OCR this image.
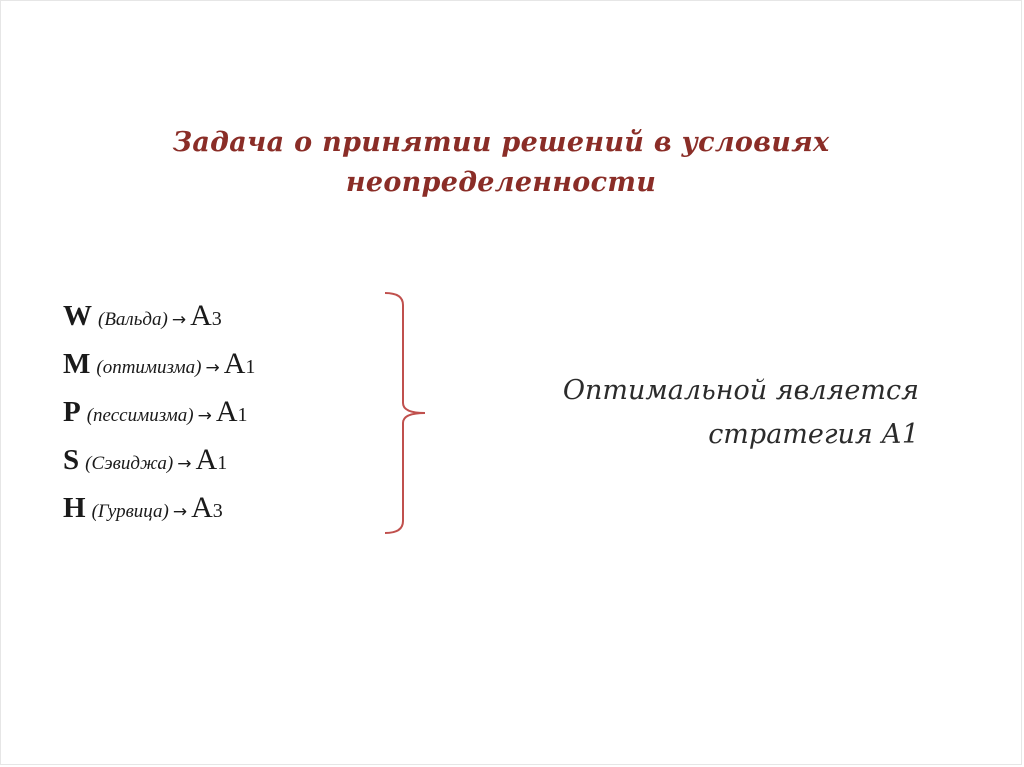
Задача о принятии решений в условиях
неопределенности
W (Вальда) → A3
M (оптимизма) → A1
P (пессимизма) → A1
S (Сэвиджа) → A1
H (Гурвица) → A3
Оптимальной является
стратегия А1
